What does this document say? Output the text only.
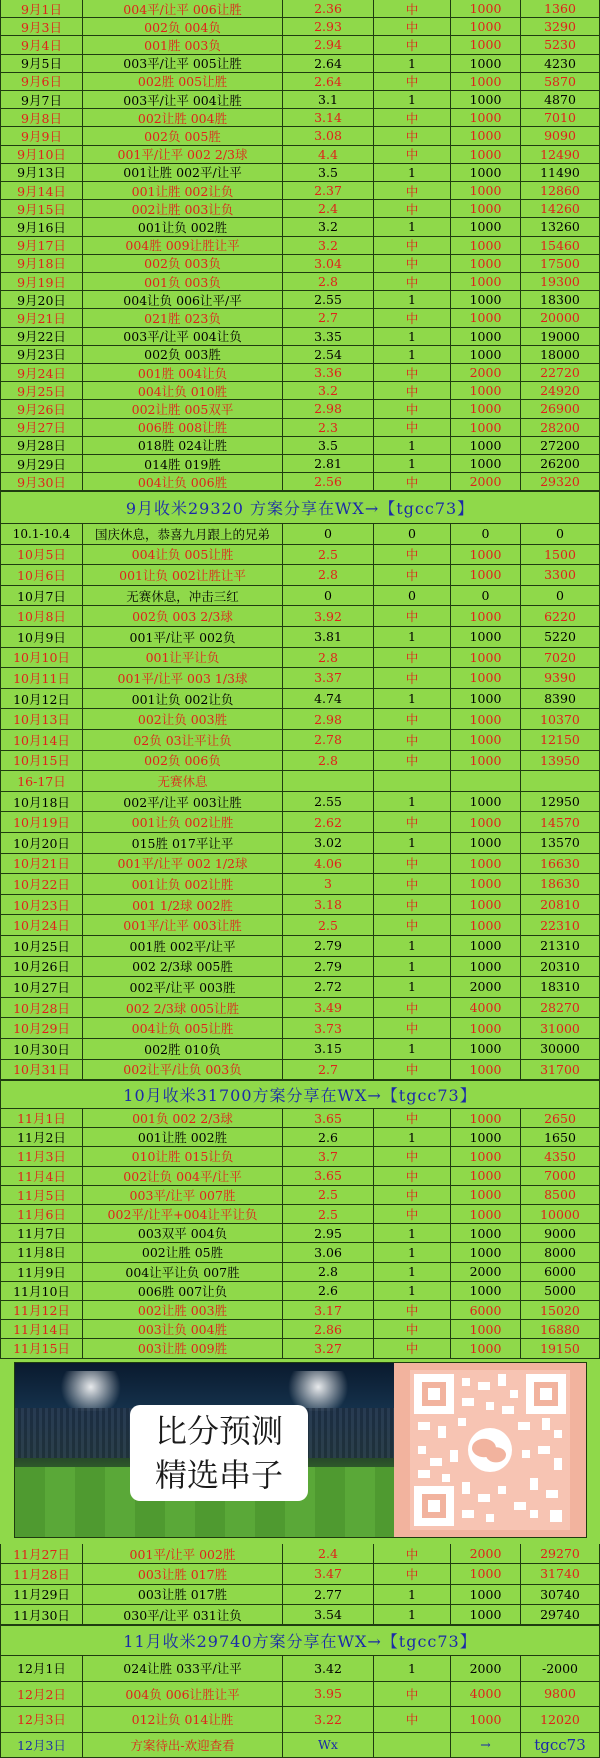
9月1日	004平/让平 006让胜	2.36	中	1000	1360
9月3日	002负 004负	2.93	中	1000	3290
9月4日	001胜 003负	2.94	中	1000	5230
9月5日	003平/让平 005让胜	2.64	1	1000	4230
9月6日	002胜 005让胜	2.64	中	1000	5870
9月7日	003平/让平 004让胜	3.1	1	1000	4870
9月8日	002让胜 004胜	3.14	中	1000	7010
9月9日	002负 005胜	3.08	中	1000	9090
9月10日	001平/让平 002 2/3球	4.4	中	1000	12490
9月13日	001让胜 002平/让平	3.5	1	1000	11490
9月14日	001让胜 002让负	2.37	中	1000	12860
9月15日	002让胜 003让负	2.4	中	1000	14260
9月16日	001让负 002胜	3.2	1	1000	13260
9月17日	004胜 009让胜让平	3.2	中	1000	15460
9月18日	002负 003负	3.04	中	1000	17500
9月19日	001负 003负	2.8	中	1000	19300
9月20日	004让负 006让平/平	2.55	1	1000	18300
9月21日	021胜 023负	2.7	中	1000	20000
9月22日	003平/让平 004让负	3.35	1	1000	19000
9月23日	002负 003胜	2.54	1	1000	18000
9月24日	001胜 004让负	3.36	中	2000	22720
9月25日	004让负 010胜	3.2	中	1000	24920
9月26日	002让胜 005双平	2.98	中	1000	26900
9月27日	006胜 008让胜	2.3	中	1000	28200
9月28日	018胜 024让胜	3.5	1	1000	27200
9月29日	014胜 019胜	2.81	1	1000	26200
9月30日	004让负 006胜	2.56	中	2000	29320
9月收米29320 方案分享在WX→【tgcc73】
10.1-10.4	国庆休息，恭喜九月跟上的兄弟	0	0	0	0
10月5日	004让负 005让胜	2.5	中	1000	1500
10月6日	001让负 002让胜让平	2.8	中	1000	3300
10月7日	无赛休息，冲击三红	0	0	0	0
10月8日	002负 003 2/3球	3.92	中	1000	6220
10月9日	001平/让平 002负	3.81	1	1000	5220
10月10日	001让平让负	2.8	中	1000	7020
10月11日	001平/让平 003 1/3球	3.37	中	1000	9390
10月12日	001让负 002让负	4.74	1	1000	8390
10月13日	002让负 003胜	2.98	中	1000	10370
10月14日	02负 03让平让负	2.78	中	1000	12150
10月15日	002负 006负	2.8	中	1000	13950
16-17日	无赛休息
10月18日	002平/让平 003让胜	2.55	1	1000	12950
10月19日	001让负 002让胜	2.62	中	1000	14570
10月20日	015胜 017平让平	3.02	1	1000	13570
10月21日	001平/让平 002 1/2球	4.06	中	1000	16630
10月22日	001让负 002让胜	3	中	1000	18630
10月23日	001 1/2球 002胜	3.18	中	1000	20810
10月24日	001平/让平 003让胜	2.5	中	1000	22310
10月25日	001胜 002平/让平	2.79	1	1000	21310
10月26日	002 2/3球 005胜	2.79	1	1000	20310
10月27日	002平/让平 003胜	2.72	1	2000	18310
10月28日	002 2/3球 005让胜	3.49	中	4000	28270
10月29日	004让负 005让胜	3.73	中	1000	31000
10月30日	002胜 010负	3.15	1	1000	30000
10月31日	002让平/让负 003负	2.7	中	1000	31700
10月收米31700方案分享在WX→【tgcc73】
11月1日	001负 002 2/3球	3.65	中	1000	2650
11月2日	001让胜 002胜	2.6	1	1000	1650
11月3日	010让胜 015让负	3.7	中	1000	4350
11月4日	002让负 004平/让平	3.65	中	1000	7000
11月5日	003平/让平 007胜	2.5	中	1000	8500
11月6日	002平/让平+004让平让负	2.5	中	1000	10000
11月7日	003双平 004负	2.95	1	1000	9000
11月8日	002让胜 05胜	3.06	1	1000	8000
11月9日	004让平让负 007胜	2.8	1	2000	6000
11月10日	006胜 007让负	2.6	1	1000	5000
11月12日	002让胜 003胜	3.17	中	6000	15020
11月14日	003让负 004胜	2.86	中	1000	16880
11月15日	003让胜 009胜	3.27	中	1000	19150
11月27日	001平/让平 002胜	2.4	中	2000	29270
11月28日	003让胜 017胜	3.47	中	1000	31740
11月29日	003让胜 017胜	2.77	1	1000	30740
11月30日	030平/让平 031让负	3.54	1	1000	29740
11月收米29740方案分享在WX→【tgcc73】
12月1日	024让胜 033平/让平	3.42	1	2000	-2000
12月2日	004负 006让胜让平	3.95	中	4000	9800
12月3日	012让负 014让胜	3.22	中	1000	12020
12月3日	方案待出-欢迎查看	Wx	→	tgcc73
比分预测
精选串子
